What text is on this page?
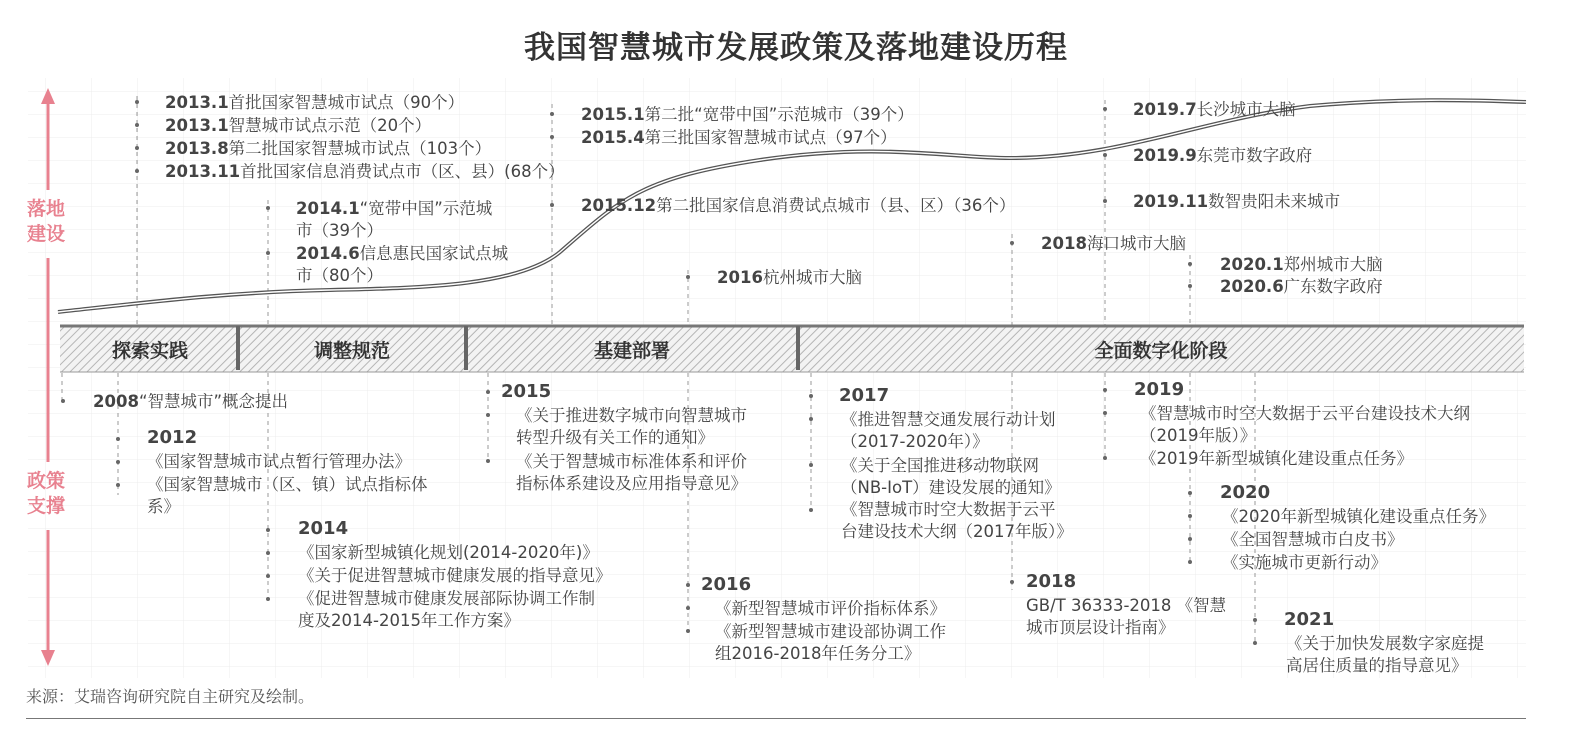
我国智慧城市发展政策及落地建设历程
落地
建设
政策
支撑
探索实践	调整规范	基建部署	全面数字化阶段
2013.1首批国家智慧城市试点（90个）
2013.1智慧城市试点示范（20个）
2013.8第二批国家智慧城市试点（103个）
2013.11首批国家信息消费试点市（区、县）(68个）
2014.1“宽带中国”示范城
市（39个）
2014.6信息惠民国家试点城
市（80个）
2015.1第二批“宽带中国”示范城市（39个）
2015.4第三批国家智慧城市试点（97个）
2015.12第二批国家信息消费试点城市（县、区）（36个）
2016杭州城市大脑
2018海口城市大脑
2019.7长沙城市大脑
2019.9东莞市数字政府
2019.11数智贵阳未来城市
2020.1郑州城市大脑
2020.6广东数字政府
2008“智慧城市”概念提出
2012
《国家智慧城市试点暂行管理办法》
《国家智慧城市（区、镇）试点指标体
系》
2014
《国家新型城镇化规划(2014-2020年)》
《关于促进智慧城市健康发展的指导意见》
《促进智慧城市健康发展部际协调工作制
度及2014-2015年工作方案》
2015
《关于推进数字城市向智慧城市
转型升级有关工作的通知》
《关于智慧城市标准体系和评价
指标体系建设及应用指导意见》
2016
《新型智慧城市评价指标体系》
《新型智慧城市建设部协调工作
组2016-2018年任务分工》
2017
《推进智慧交通发展行动计划
（2017-2020年）》
《关于全国推进移动物联网
（NB-IoT）建设发展的通知》
《智慧城市时空大数据于云平
台建设技术大纲（2017年版）》
2018
GB/T 36333-2018 《智慧
城市顶层设计指南》
2019
《智慧城市时空大数据于云平台建设技术大纲
（2019年版）》
《2019年新型城镇化建设重点任务》
2020
《2020年新型城镇化建设重点任务》
《全国智慧城市白皮书》
《实施城市更新行动》
2021
《关于加快发展数字家庭提
高居住质量的指导意见》
来源：艾瑞咨询研究院自主研究及绘制。
